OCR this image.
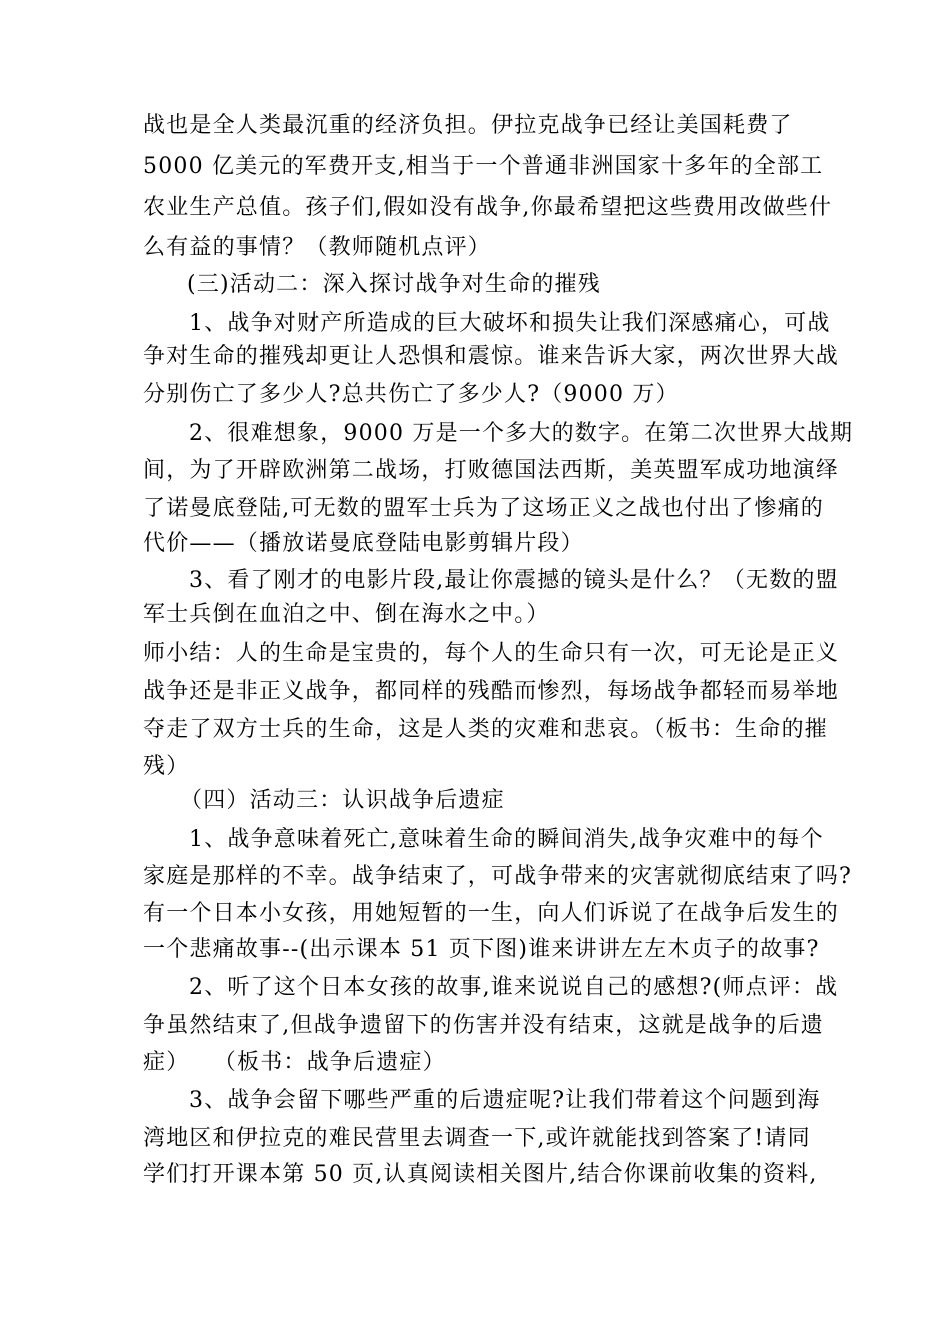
战也是全人类最沉重的经济负担。伊拉克战争已经让美国耗费了
5000 亿美元的军费开支,相当于一个普通非洲国家十多年的全部工
农业生产总值。孩子们,假如没有战争,你最希望把这些费用改做些什
么有益的事情？（教师随机点评）
(三)活动二：深入探讨战争对生命的摧残
1、战争对财产所造成的巨大破坏和损失让我们深感痛心，可战
争对生命的摧残却更让人恐惧和震惊。谁来告诉大家，两次世界大战
分别伤亡了多少人?总共伤亡了多少人?（9000 万）
2、很难想象，9000 万是一个多大的数字。在第二次世界大战期
间，为了开辟欧洲第二战场，打败德国法西斯，美英盟军成功地演绎
了诺曼底登陆,可无数的盟军士兵为了这场正义之战也付出了惨痛的
代价——（播放诺曼底登陆电影剪辑片段）
3、看了刚才的电影片段,最让你震撼的镜头是什么？（无数的盟
军士兵倒在血泊之中、倒在海水之中。）
师小结：人的生命是宝贵的，每个人的生命只有一次，可无论是正义
战争还是非正义战争，都同样的残酷而惨烈，每场战争都轻而易举地
夺走了双方士兵的生命，这是人类的灾难和悲哀。（板书：生命的摧
残）
（四）活动三：认识战争后遗症
1、战争意味着死亡,意味着生命的瞬间消失,战争灾难中的每个
家庭是那样的不幸。战争结束了，可战争带来的灾害就彻底结束了吗?
有一个日本小女孩，用她短暂的一生，向人们诉说了在战争后发生的
一个悲痛故事--(出示课本 51 页下图)谁来讲讲左左木贞子的故事?
2、听了这个日本女孩的故事,谁来说说自己的感想?(师点评：战
争虽然结束了,但战争遗留下的伤害并没有结束，这就是战争的后遗
症）　　（板书：战争后遗症）
3、战争会留下哪些严重的后遗症呢?让我们带着这个问题到海
湾地区和伊拉克的难民营里去调查一下,或许就能找到答案了!请同
学们打开课本第 50 页,认真阅读相关图片,结合你课前收集的资料,
